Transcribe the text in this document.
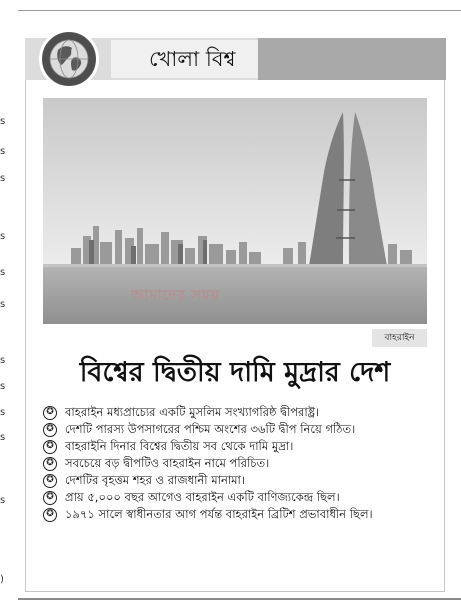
s
s
s
s
s
s
s
s
s
s
s
)
খোলা বিশ্ব
আমাদের সময়
বাহরাইন
বিশ্বের দ্বিতীয় দামি মুদ্রার দেশ
✪ বাহরাইন মধ্যপ্রাচ্যের একটি মুসলিম সংখ্যাগরিষ্ঠ দ্বীপরাষ্ট্র।
✪ দেশটি পারস্য উপসাগরের পশ্চিম অংশের ৩৬টি দ্বীপ নিয়ে গঠিত।
✪ বাহরাইনি দিনার বিশ্বের দ্বিতীয় সব থেকে দামি মুদ্রা।
✪ সবচেয়ে বড় দ্বীপটিও বাহরাইন নামে পরিচিত।
✪ দেশটির বৃহত্তম শহর ও রাজধানী মানামা।
✪ প্রায় ৫,০০০ বছর আগেও বাহরাইন একটি বাণিজ্যকেন্দ্র ছিল।
✪ ১৯৭১ সালে স্বাধীনতার আগ পর্যন্ত বাহরাইন ব্রিটিশ প্রভাবাধীন ছিল।
